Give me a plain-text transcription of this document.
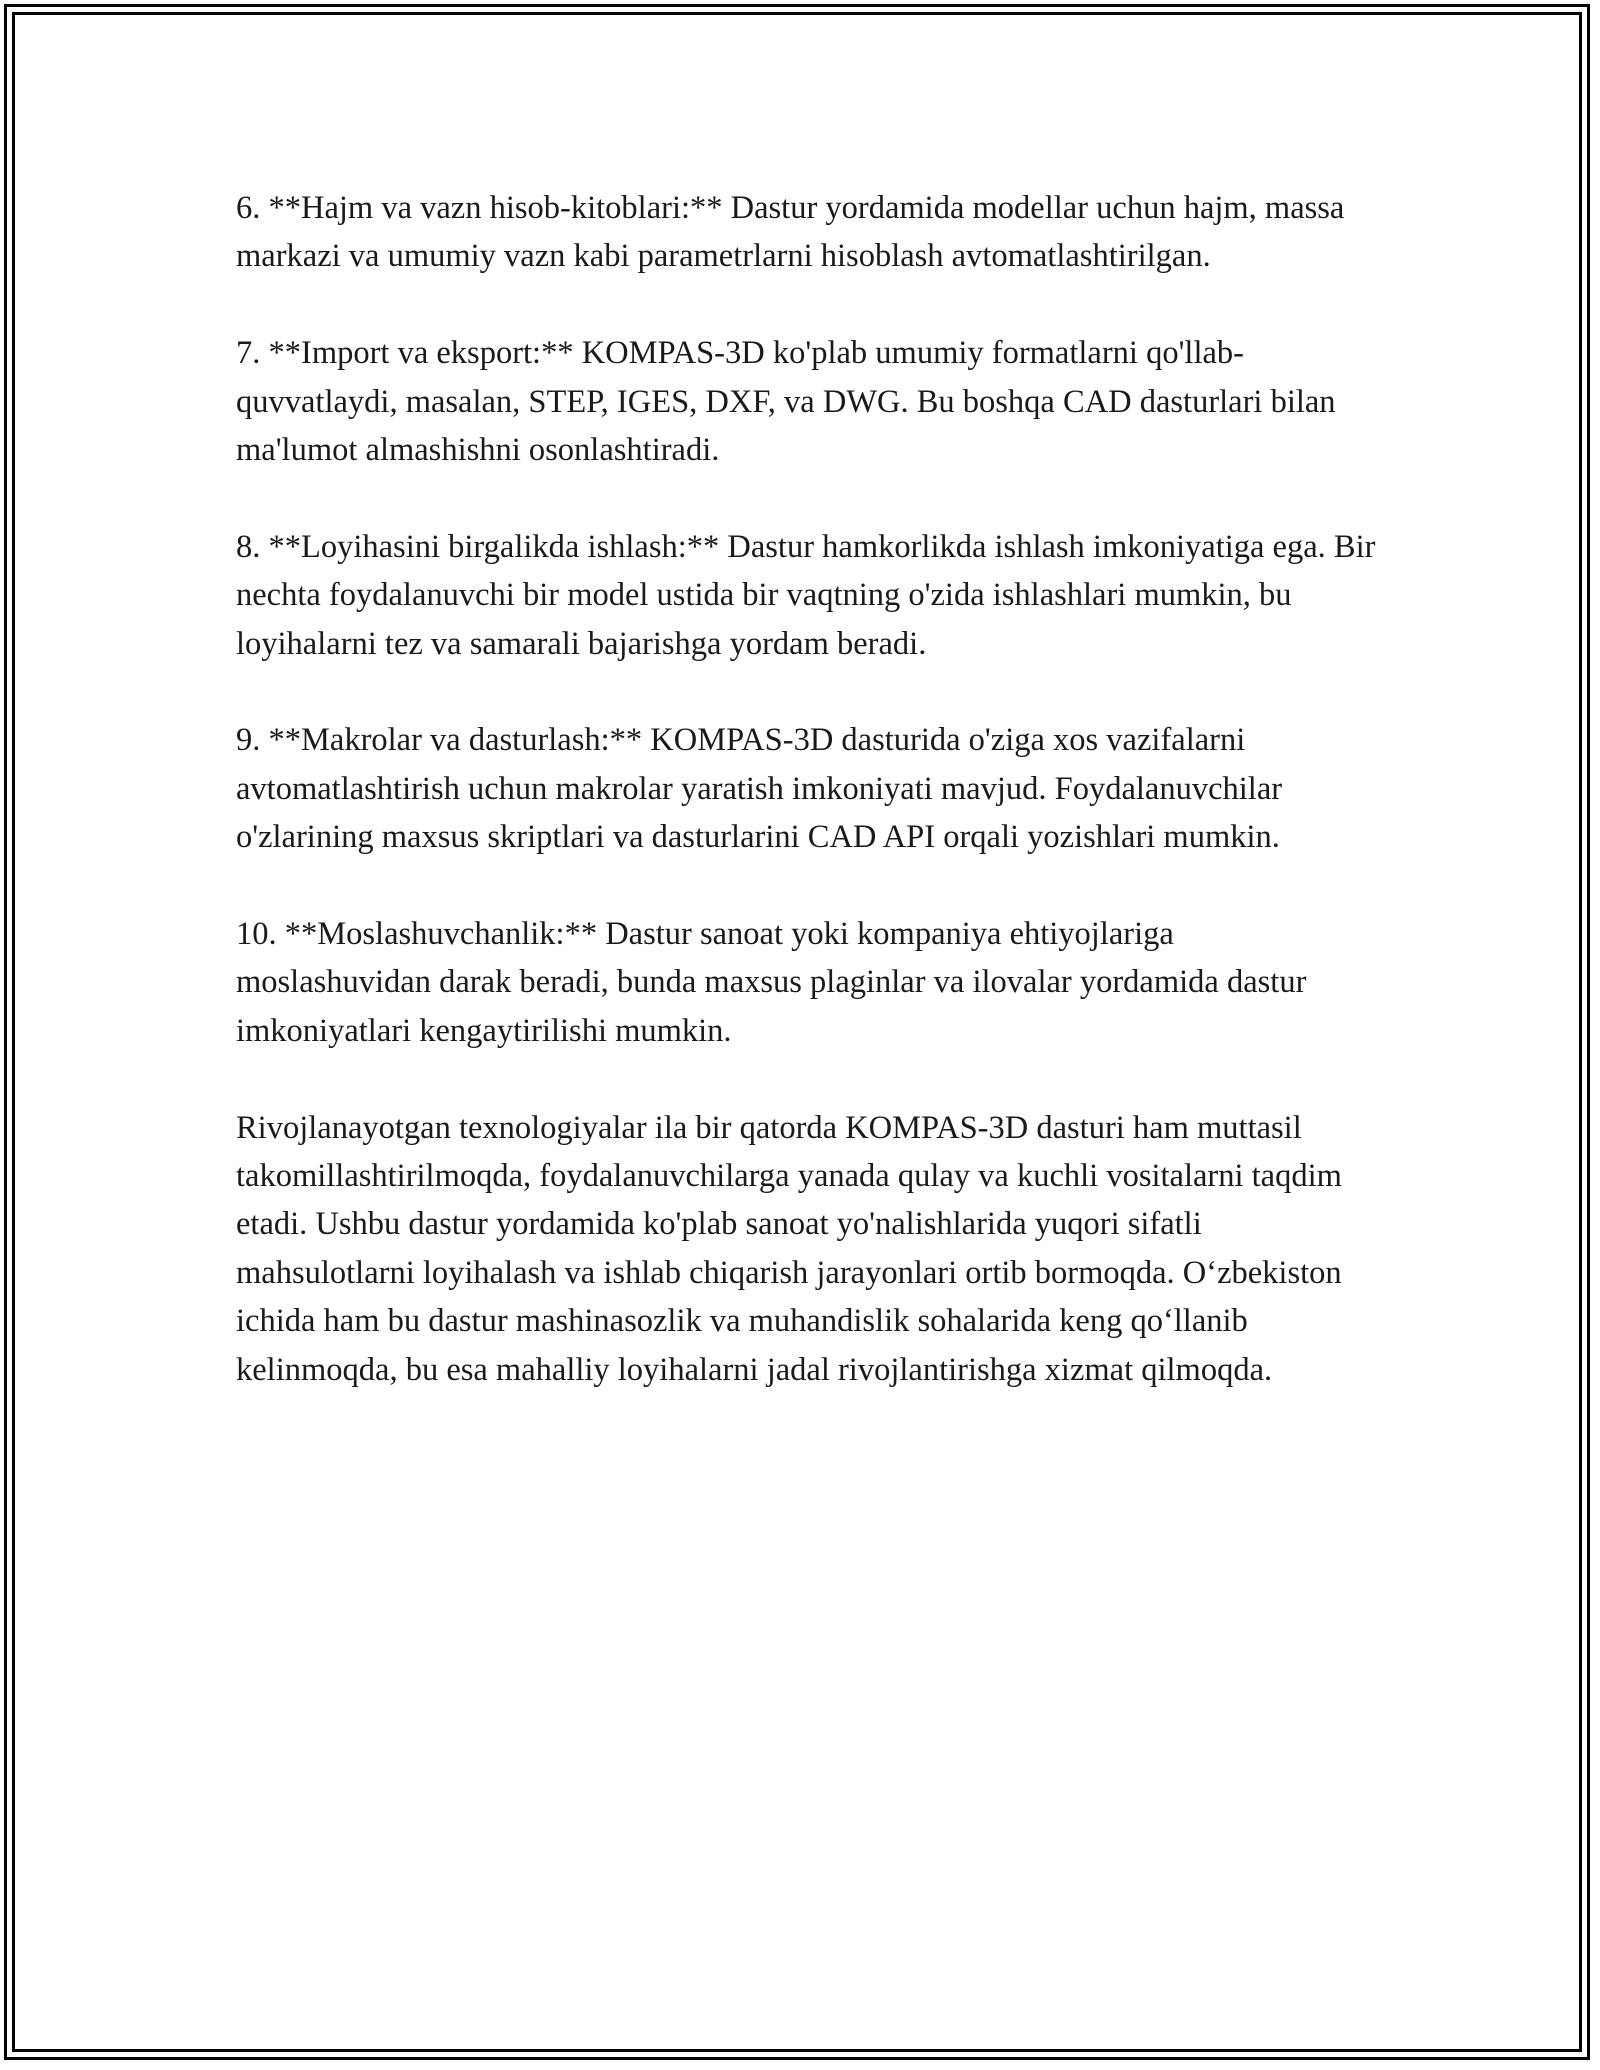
6. **Hajm va vazn hisob-kitoblari:** Dastur yordamida modellar uchun hajm, massa markazi va umumiy vazn kabi parametrlarni hisoblash avtomatlashtirilgan.

7. **Import va eksport:** KOMPAS-3D ko'plab umumiy formatlarni qo'llab-quvvatlaydi, masalan, STEP, IGES, DXF, va DWG. Bu boshqa CAD dasturlari bilan ma'lumot almashishni osonlashtiradi.

8. **Loyihasini birgalikda ishlash:** Dastur hamkorlikda ishlash imkoniyatiga ega. Bir nechta foydalanuvchi bir model ustida bir vaqtning o'zida ishlashlari mumkin, bu loyihalarni tez va samarali bajarishga yordam beradi.

9. **Makrolar va dasturlash:** KOMPAS-3D dasturida o'ziga xos vazifalarni avtomatlashtirish uchun makrolar yaratish imkoniyati mavjud. Foydalanuvchilar o'zlarining maxsus skriptlari va dasturlarini CAD API orqali yozishlari mumkin.

10. **Moslashuvchanlik:** Dastur sanoat yoki kompaniya ehtiyojlariga moslashuvidan darak beradi, bunda maxsus plaginlar va ilovalar yordamida dastur imkoniyatlari kengaytirilishi mumkin.

Rivojlanayotgan texnologiyalar ila bir qatorda KOMPAS-3D dasturi ham muttasil takomillashtirilmoqda, foydalanuvchilarga yanada qulay va kuchli vositalarni taqdim etadi. Ushbu dastur yordamida ko'plab sanoat yo'nalishlarida yuqori sifatli mahsulotlarni loyihalash va ishlab chiqarish jarayonlari ortib bormoqda. O‘zbekiston ichida ham bu dastur mashinasozlik va muhandislik sohalarida keng qo‘llanib kelinmoqda, bu esa mahalliy loyihalarni jadal rivojlantirishga xizmat qilmoqda.
